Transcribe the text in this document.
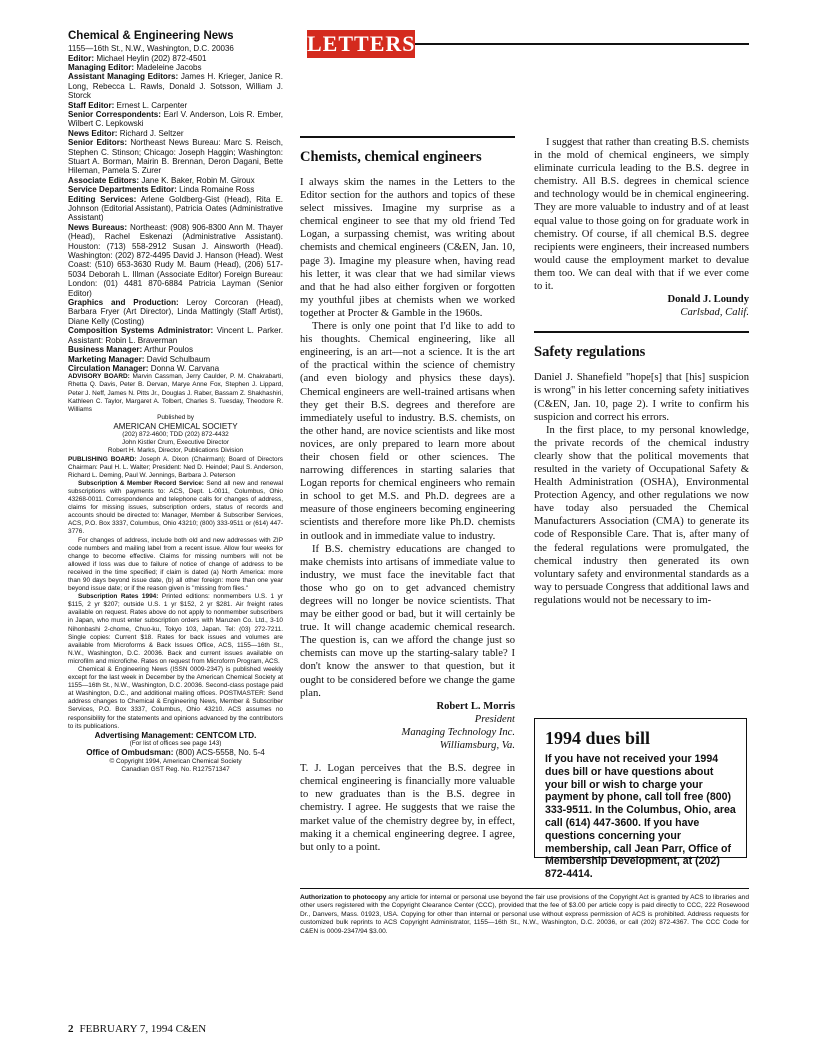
Chemical & Engineering News
1155—16th St., N.W., Washington, D.C. 20036
Editor: Michael Heylin (202) 872-4501
Managing Editor: Madeleine Jacobs
Assistant Managing Editors: James H. Krieger, Janice R. Long, Rebecca L. Rawls, Donald J. Sotsson, William J. Storck
Staff Editor: Ernest L. Carpenter
Senior Correspondents: Earl V. Anderson, Lois R. Ember, Wilbert C. Lepkowski
News Editor: Richard J. Seltzer
Senior Editors: Northeast News Bureau: Marc S. Reisch, Stephen C. Stinson; Chicago: Joseph Haggin; Washington: Stuart A. Borman, Mairin B. Brennan, Deron Dagani, Bette Hileman, Pamela S. Zurer
Associate Editors: Jane K. Baker, Robin M. Giroux
Service Departments Editor: Linda Romaine Ross
Editing Services: Arlene Goldberg-Gist (Head), Rita E. Johnson (Editorial Assistant), Patricia Oates (Administrative Assistant)
News Bureaus: Northeast: (908) 906-8300 Ann M. Thayer (Head), Rachel Eskenazi (Administrative Assistant). Houston: (713) 558-2912 Susan J. Ainsworth (Head). Washington: (202) 872-4495 David J. Hanson (Head). West Coast: (510) 653-3630 Rudy M. Baum (Head), (206) 517-5034 Deborah L. Illman (Associate Editor) Foreign Bureau: London: (01) 4481 870-6884 Patricia Layman (Senior Editor)
Graphics and Production: Leroy Corcoran (Head), Barbara Fryer (Art Director), Linda Mattingly (Staff Artist), Diane Kelly (Costing)
Composition Systems Administrator: Vincent L. Parker. Assistant: Robin L. Braverman
Business Manager: Arthur Poulos
Marketing Manager: David Schulbaum
Circulation Manager: Donna W. Carvana
ADVISORY BOARD: Marvin Cassman, Jerry Caulder, P. M. Chakrabarti, Rhetta Q. Davis, Peter B. Dervan, Marye Anne Fox, Stephen J. Lippard, Peter J. Neff, James N. Pitts Jr., Douglas J. Raber, Bassam Z. Shakhashiri, Kathleen C. Taylor, Margaret A. Tolbert, Charles S. Tuesday, Theodore R. Williams
Published by
AMERICAN CHEMICAL SOCIETY
(202) 872-4600; TDD (202) 872-4432
John Kistler Crum, Executive Director
Robert H. Marks, Director, Publications Division
PUBLISHING BOARD: Joseph A. Dixon (Chairman); Board of Directors Chairman: Paul H. L. Walter; President: Ned D. Heindel; Paul S. Anderson, Richard L. Deming, Paul W. Jennings, Barbara J. Peterson
Subscription & Member Record Service: Send all new and renewal subscriptions with payments to: ACS, Dept. L-0011, Columbus, Ohio 43268-0011. Correspondence and telephone calls for changes of address, claims for missing issues, subscription orders, status of records and accounts should be directed to: Manager, Member & Subscriber Services, ACS, P.O. Box 3337, Columbus, Ohio 43210; (800) 333-9511 or (614) 447-3776.
For changes of address, include both old and new addresses with ZIP code numbers and mailing label from a recent issue. Allow four weeks for change to become effective. Claims for missing numbers will not be allowed if loss was due to failure of notice of change of address to be received in the time specified; if claim is dated (a) North America: more than 90 days beyond issue date, (b) all other foreign: more than one year beyond issue date; or if the reason given is "missing from files."
Subscription Rates 1994: Printed editions: nonmembers U.S. 1 yr $115, 2 yr $207; outside U.S. 1 yr $152, 2 yr $281. Air freight rates available on request. Rates above do not apply to nonmember subscribers in Japan, who must enter subscription orders with Maruzen Co. Ltd., 3-10 Nihonbashi 2-chome, Chuo-ku, Tokyo 103, Japan. Tel: (03) 272-7211. Single copies: Current $18. Rates for back issues and volumes are available from Microforms & Back Issues Office, ACS, 1155—16th St., N.W., Washington, D.C. 20036. Back and current issues available on microfilm and microfiche. Rates on request from Microform Program, ACS.
Chemical & Engineering News (ISSN 0009-2347) is published weekly except for the last week in December by the American Chemical Society at 1155—16th St., N.W., Washington, D.C. 20036. Second-class postage paid at Washington, D.C., and additional mailing offices. POSTMASTER: Send address changes to Chemical & Engineering News, Member & Subscriber Services, P.O. Box 3337, Columbus, Ohio 43210. ACS assumes no responsibility for the statements and opinions advanced by the contributors to its publications.
Advertising Management: CENTCOM LTD.
(For list of offices see page 143)
Office of Ombudsman: (800) ACS-5558, No. 5-4
© Copyright 1994, American Chemical Society
Canadian GST Reg. No. R127571347
LETTERS
Chemists, chemical engineers

I always skim the names in the Letters to the Editor section for the authors and topics of these select missives. Imagine my surprise as a chemical engineer to see that my old friend Ted Logan, a surpassing chemist, was writing about chemists and chemical engineers (C&EN, Jan. 10, page 3). Imagine my pleasure when, having read his letter, it was clear that we had similar views and that he had also either forgiven or forgotten my youthful jibes at chemists when we worked together at Procter & Gamble in the 1960s.

There is only one point that I'd like to add to his thoughts. Chemical engineering, like all engineering, is an art—not a science. It is the art of the practical within the science of chemistry (and even biology and physics these days). Chemical engineers are well-trained artisans when they get their B.S. degrees and therefore are immediately useful to industry. B.S. chemists, on the other hand, are novice scientists and like most novices, are only prepared to learn more about their chosen field or other sciences. The narrowing differences in starting salaries that Logan reports for chemical engineers who remain in school to get M.S. and Ph.D. degrees are a measure of those engineers becoming engineering scientists and therefore more like Ph.D. chemists in outlook and in immediate value to industry.

If B.S. chemistry educations are changed to make chemists into artisans of immediate value to industry, we must face the inevitable fact that those who go on to get advanced chemistry degrees will no longer be novice scientists. That may be either good or bad, but it will certainly be true. It will change academic chemical research. The question is, can we afford the change just so chemists can move up the starting-salary table? I don't know the answer to that question, but it ought to be considered before we change the game plan.

Robert L. Morris

President

Managing Technology Inc.

Williamsburg, Va.

T. J. Logan perceives that the B.S. degree in chemical engineering is financially more valuable to new graduates than is the B.S. degree in chemistry. I agree. He suggests that we raise the market value of the chemistry degree by, in effect, making it a chemical engineering degree. I agree, but only to a point.

I suggest that rather than creating B.S. chemists in the mold of chemical engineers, we simply eliminate curricula leading to the B.S. degree in chemistry. All B.S. degrees in chemical science and technology would be in chemical engineering. They are more valuable to industry and of at least equal value to those going on for graduate work in chemistry. Of course, if all chemical B.S. degree recipients were engineers, their increased numbers would cause the employment market to devalue them too. We can deal with that if we ever come to it.

Donald J. Loundy

Carlsbad, Calif.

Safety regulations

Daniel J. Shanefield "hope[s] that [his] suspicion is wrong" in his letter concerning safety initiatives (C&EN, Jan. 10, page 2). I write to confirm his suspicion and correct his errors.

In the first place, to my personal knowledge, the private records of the chemical industry clearly show that the political movements that resulted in the variety of Occupational Safety & Health Administration (OSHA), Environmental Protection Agency, and other regulations we now have today also persuaded the Chemical Manufacturers Association (CMA) to generate its code of Responsible Care. That is, after many of the federal regulations were promulgated, the chemical industry then generated its own voluntary safety and environmental standards as a way to persuade Congress that additional laws and regulations would not be necessary to im-

1994 dues bill
If you have not received your 1994 dues bill or have questions about your bill or wish to charge your payment by phone, call toll free (800) 333-9511. In the Columbus, Ohio, area call (614) 447-3600. If you have questions concerning your membership, call Jean Parr, Office of Membership Development, at (202) 872-4414.
Authorization to photocopy any article for internal or personal use beyond the fair use provisions of the Copyright Act is granted by ACS to libraries and other users registered with the Copyright Clearance Center (CCC), provided that the fee of $3.00 per article copy is paid directly to CCC, 222 Rosewood Dr., Danvers, Mass. 01923, USA. Copying for other than internal or personal use without express permission of ACS is prohibited. Address requests for customized bulk reprints to ACS Copyright Administrator, 1155—16th St., N.W., Washington, D.C. 20036, or call (202) 872-4367. The CCC Code for C&EN is 0009-2347/94 $3.00.
2 FEBRUARY 7, 1994 C&EN
